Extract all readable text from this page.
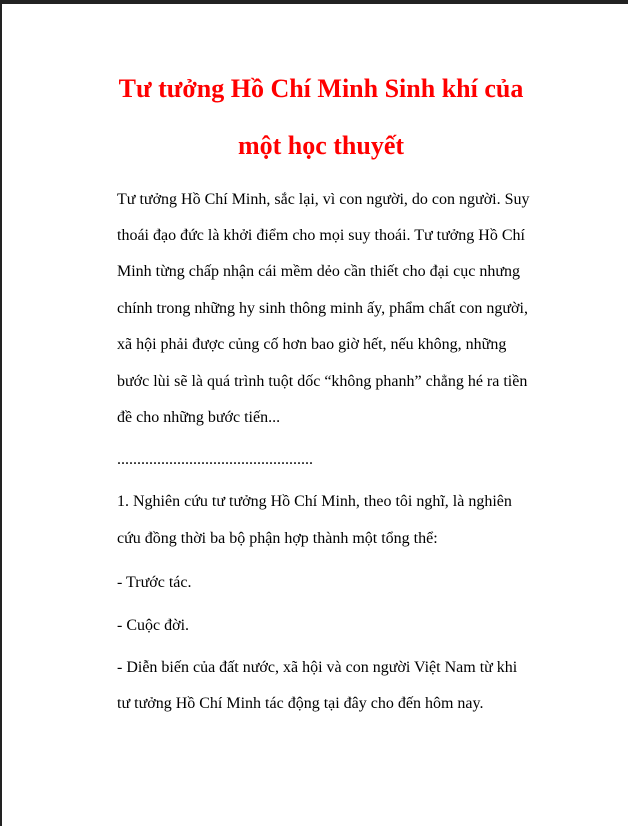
Tư tưởng Hồ Chí Minh Sinh khí của
một học thuyết

Tư tưởng Hồ Chí Minh, sắc lại, vì con người, do con người. Suy

thoái đạo đức là khởi điểm cho mọi suy thoái. Tư tưởng Hồ Chí

Minh từng chấp nhận cái mềm dẻo cần thiết cho đại cục nhưng

chính trong những hy sinh thông minh ấy, phẩm chất con người,

xã hội phải được củng cố hơn bao giờ hết, nếu không, những

bước lùi sẽ là quá trình tuột dốc “không phanh” chẳng hé ra tiền

đề cho những bước tiến...

.................................................

1. Nghiên cứu tư tưởng Hồ Chí Minh, theo tôi nghĩ, là nghiên

cứu đồng thời ba bộ phận hợp thành một tổng thể:

- Trước tác.

- Cuộc đời.

- Diễn biến của đất nước, xã hội và con người Việt Nam từ khi

tư tưởng Hồ Chí Minh tác động tại đây cho đến hôm nay.
